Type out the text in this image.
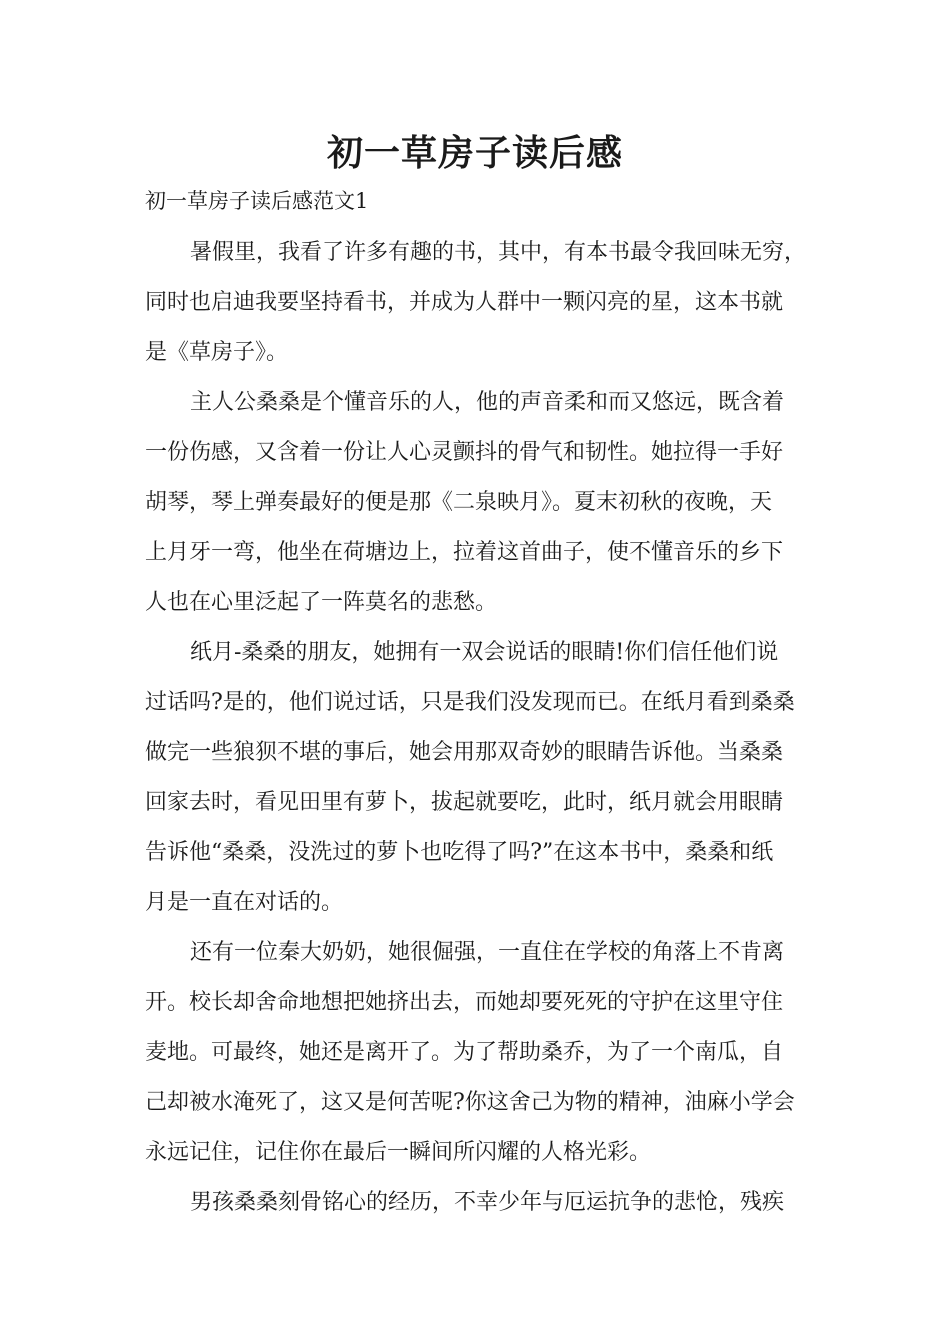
初一草房子读后感

初一草房子读后感范文1

暑假里，我看了许多有趣的书，其中，有本书最令我回味无穷，
同时也启迪我要坚持看书，并成为人群中一颗闪亮的星，这本书就
是《草房子》。
主人公桑桑是个懂音乐的人，他的声音柔和而又悠远，既含着
一份伤感，又含着一份让人心灵颤抖的骨气和韧性。她拉得一手好
胡琴，琴上弹奏最好的便是那《二泉映月》。夏末初秋的夜晚，天
上月牙一弯，他坐在荷塘边上，拉着这首曲子，使不懂音乐的乡下
人也在心里泛起了一阵莫名的悲愁。
纸月-桑桑的朋友，她拥有一双会说话的眼睛!你们信任他们说
过话吗?是的，他们说过话，只是我们没发现而已。在纸月看到桑桑
做完一些狼狈不堪的事后，她会用那双奇妙的眼睛告诉他。当桑桑
回家去时，看见田里有萝卜，拔起就要吃，此时，纸月就会用眼睛
告诉他“桑桑，没洗过的萝卜也吃得了吗?”在这本书中，桑桑和纸
月是一直在对话的。
还有一位秦大奶奶，她很倔强，一直住在学校的角落上不肯离
开。校长却舍命地想把她挤出去，而她却要死死的守护在这里守住
麦地。可最终，她还是离开了。为了帮助桑乔，为了一个南瓜，自
己却被水淹死了，这又是何苦呢?你这舍己为物的精神，油麻小学会
永远记住，记住你在最后一瞬间所闪耀的人格光彩。
男孩桑桑刻骨铭心的经历，不幸少年与厄运抗争的悲怆，残疾
